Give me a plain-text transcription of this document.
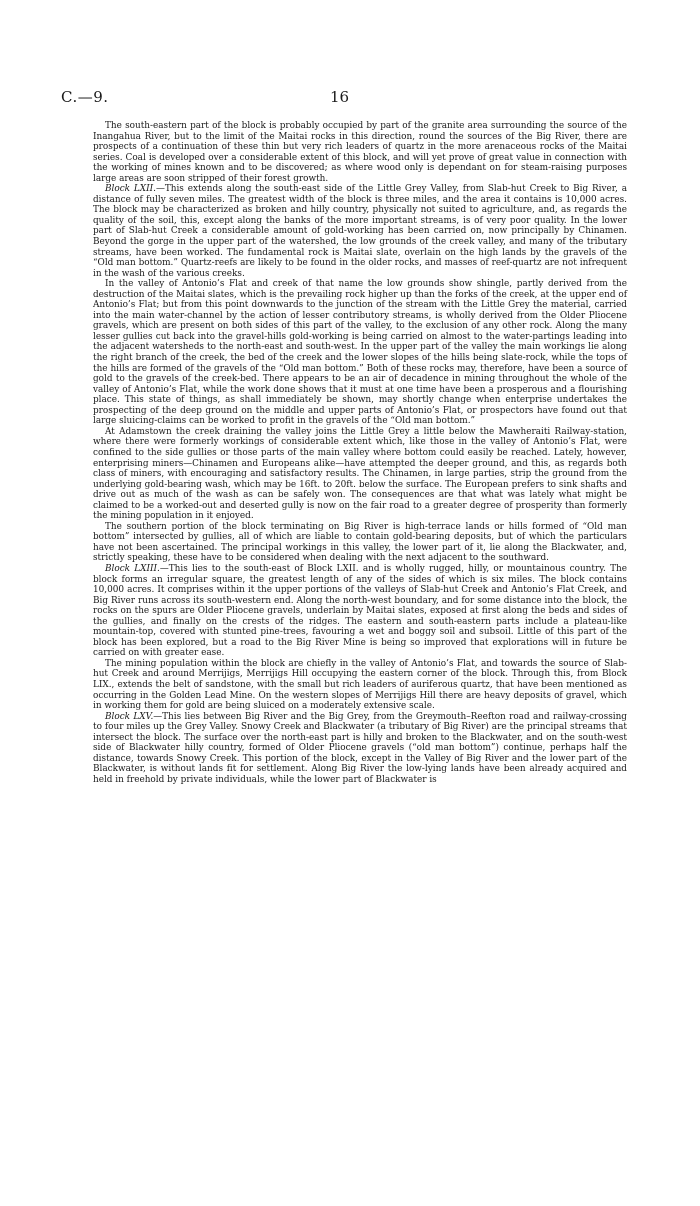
C.—9.	16

The south-eastern part of the block is probably occupied by part of the granite area surrounding the source of the Inangahua River, but to the limit of the Maitai rocks in this direction, round the sources of the Big River, there are prospects of a continuation of these thin but very rich leaders of quartz in the more arenaceous rocks of the Maitai series. Coal is developed over a considerable extent of this block, and will yet prove of great value in connection with the working of mines known and to be discovered; as where wood only is dependant on for steam-raising purposes large areas are soon stripped of their forest growth.

Block LXII.—This extends along the south-east side of the Little Grey Valley, from Slab-hut Creek to Big River, a distance of fully seven miles. The greatest width of the block is three miles, and the area it contains is 10,000 acres. The block may be characterized as broken and hilly country, physically not suited to agriculture, and, as regards the quality of the soil, this, except along the banks of the more important streams, is of very poor quality. In the lower part of Slab-hut Creek a considerable amount of gold-working has been carried on, now principally by Chinamen. Beyond the gorge in the upper part of the watershed, the low grounds of the creek valley, and many of the tributary streams, have been worked. The fundamental rock is Maitai slate, overlain on the high lands by the gravels of the “Old man bottom.” Quartz-reefs are likely to be found in the older rocks, and masses of reef-quartz are not infrequent in the wash of the various creeks.

In the valley of Antonio’s Flat and creek of that name the low grounds show shingle, partly derived from the destruction of the Maitai slates, which is the prevailing rock higher up than the forks of the creek, at the upper end of Antonio’s Flat; but from this point downwards to the junction of the stream with the Little Grey the material, carried into the main water-channel by the action of lesser contributory streams, is wholly derived from the Older Pliocene gravels, which are present on both sides of this part of the valley, to the exclusion of any other rock. Along the many lesser gullies cut back into the gravel-hills gold-working is being carried on almost to the water-partings leading into the adjacent watersheds to the north-east and south-west. In the upper part of the valley the main workings lie along the right branch of the creek, the bed of the creek and the lower slopes of the hills being slate-rock, while the tops of the hills are formed of the gravels of the “Old man bottom.” Both of these rocks may, therefore, have been a source of gold to the gravels of the creek-bed. There appears to be an air of decadence in mining throughout the whole of the valley of Antonio’s Flat, while the work done shows that it must at one time have been a prosperous and a flourishing place. This state of things, as shall immediately be shown, may shortly change when enterprise undertakes the prospecting of the deep ground on the middle and upper parts of Antonio’s Flat, or prospectors have found out that large sluicing-claims can be worked to profit in the gravels of the “Old man bottom.”

At Adamstown the creek draining the valley joins the Little Grey a little below the Mawheraiti Railway-station, where there were formerly workings of considerable extent which, like those in the valley of Antonio’s Flat, were confined to the side gullies or those parts of the main valley where bottom could easily be reached. Lately, however, enterprising miners—Chinamen and Europeans alike—have attempted the deeper ground, and this, as regards both class of miners, with encouraging and satisfactory results. The Chinamen, in large parties, strip the ground from the underlying gold-bearing wash, which may be 16ft. to 20ft. below the surface. The European prefers to sink shafts and drive out as much of the wash as can be safely won. The consequences are that what was lately what might be claimed to be a worked-out and deserted gully is now on the fair road to a greater degree of prosperity than formerly the mining population in it enjoyed.

The southern portion of the block terminating on Big River is high-terrace lands or hills formed of “Old man bottom” intersected by gullies, all of which are liable to contain gold-bearing deposits, but of which the particulars have not been ascertained. The principal workings in this valley, the lower part of it, lie along the Blackwater, and, strictly speaking, these have to be considered when dealing with the next adjacent to the southward.

Block LXIII.—This lies to the south-east of Block LXII. and is wholly rugged, hilly, or mountainous country. The block forms an irregular square, the greatest length of any of the sides of which is six miles. The block contains 10,000 acres. It comprises within it the upper portions of the valleys of Slab-hut Creek and Antonio’s Flat Creek, and Big River runs across its south-western end. Along the north-west boundary, and for some distance into the block, the rocks on the spurs are Older Pliocene gravels, underlain by Maitai slates, exposed at first along the beds and sides of the gullies, and finally on the crests of the ridges. The eastern and south-eastern parts include a plateau-like mountain-top, covered with stunted pine-trees, favouring a wet and boggy soil and subsoil. Little of this part of the block has been explored, but a road to the Big River Mine is being so improved that explorations will in future be carried on with greater ease.

The mining population within the block are chiefly in the valley of Antonio’s Flat, and towards the source of Slab-hut Creek and around Merrijigs, Merrijigs Hill occupying the eastern corner of the block. Through this, from Block LIX., extends the belt of sandstone, with the small but rich leaders of auriferous quartz, that have been mentioned as occurring in the Golden Lead Mine. On the western slopes of Merrijigs Hill there are heavy deposits of gravel, which in working them for gold are being sluiced on a moderately extensive scale.

Block LXV.—This lies between Big River and the Big Grey, from the Greymouth–Reefton road and railway-crossing to four miles up the Grey Valley. Snowy Creek and Blackwater (a tributary of Big River) are the principal streams that intersect the block. The surface over the north-east part is hilly and broken to the Blackwater, and on the south-west side of Blackwater hilly country, formed of Older Pliocene gravels (“old man bottom”) continue, perhaps half the distance, towards Snowy Creek. This portion of the block, except in the Valley of Big River and the lower part of the Blackwater, is without lands fit for settlement. Along Big River the low-lying lands have been already acquired and held in freehold by private individuals, while the lower part of Blackwater is
